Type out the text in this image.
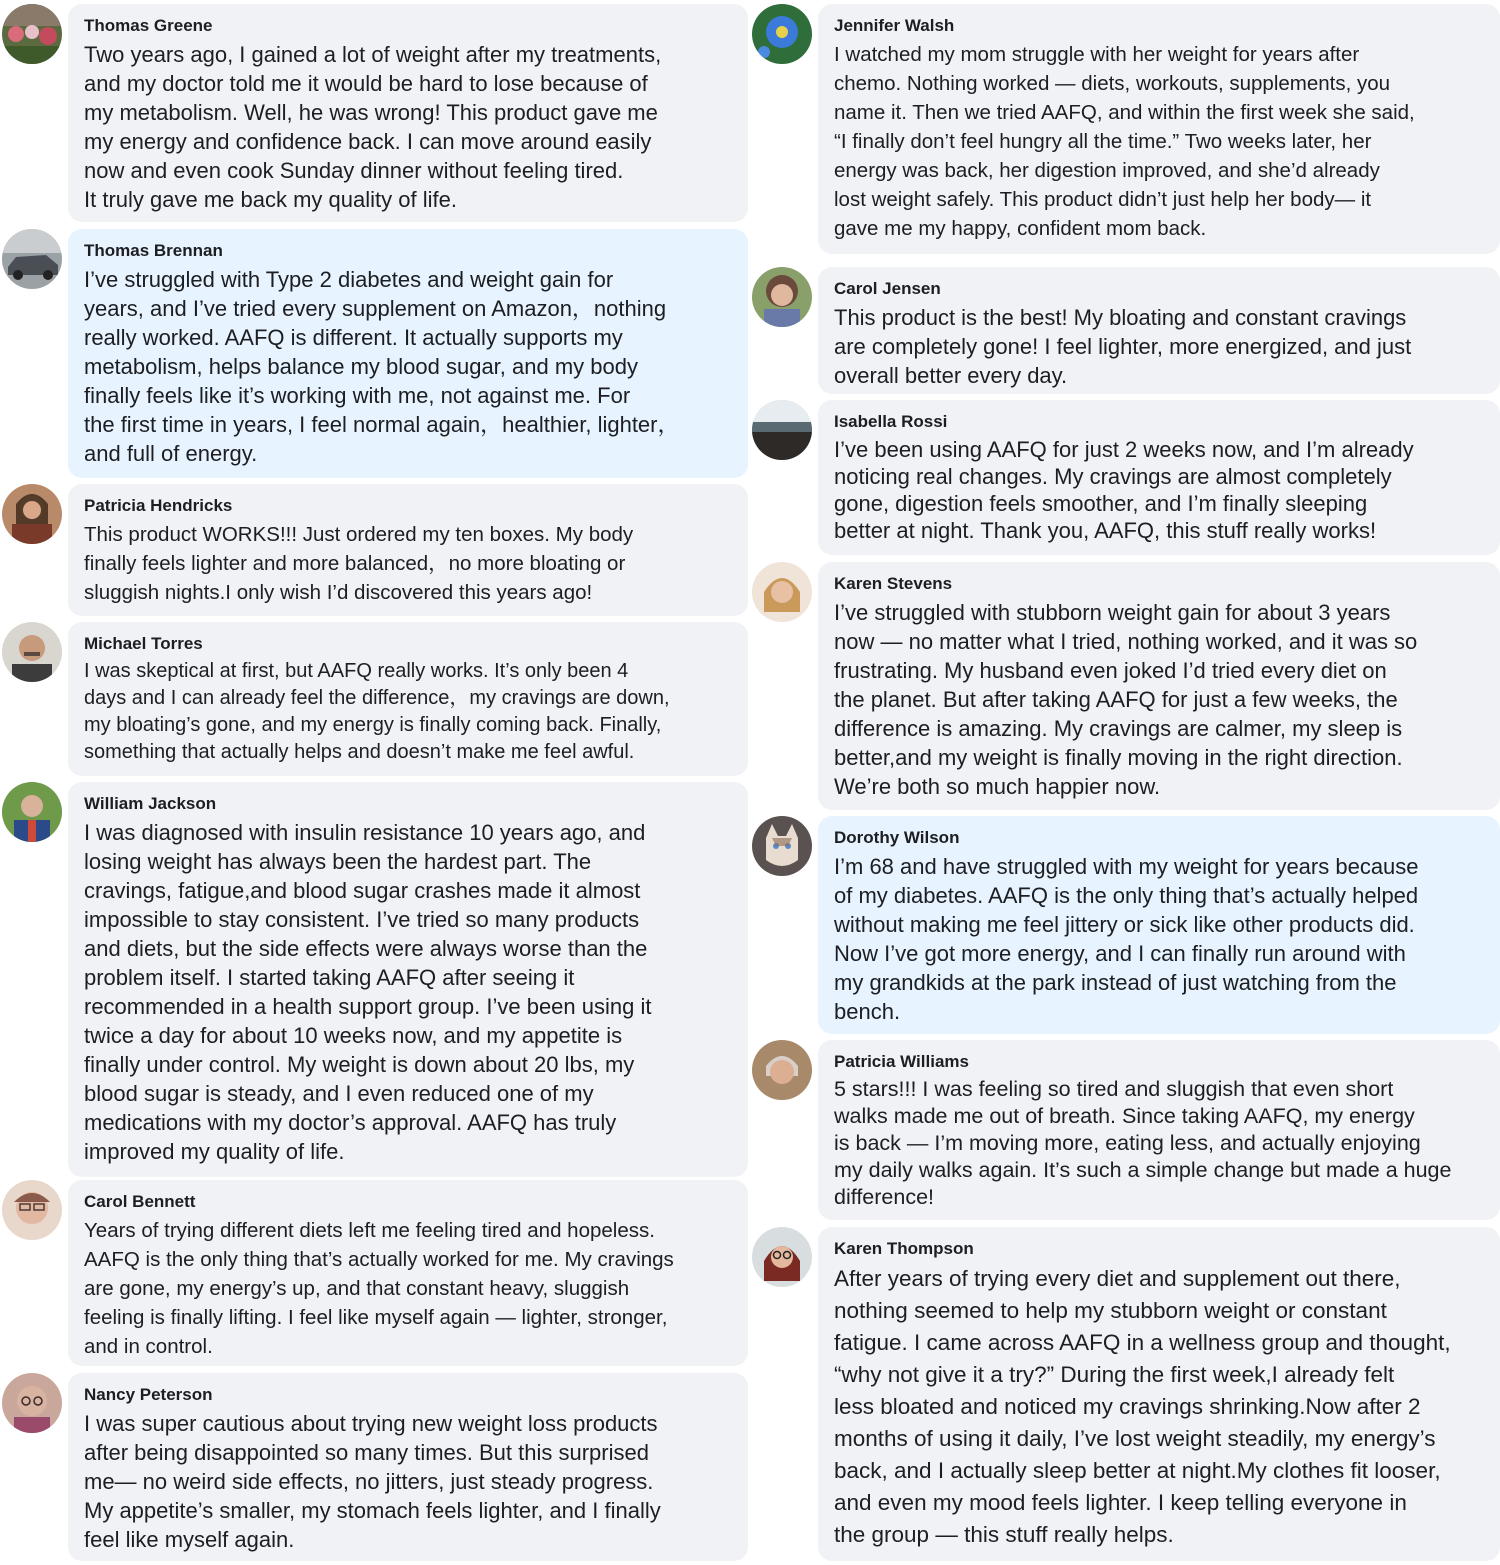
Thomas Greene

Two years ago, I gained a lot of weight after my treatments,
and my doctor told me it would be hard to lose because of
my metabolism. Well, he was wrong! This product gave me
my energy and confidence back. I can move around easily
now and even cook Sunday dinner without feeling tired.
It truly gave me back my quality of life.

Thomas Brennan

I’ve struggled with Type 2 diabetes and weight gain for
years, and I’ve tried every supplement on Amazon，nothing
really worked. AAFQ is different. It actually supports my
metabolism, helps balance my blood sugar, and my body
finally feels like it’s working with me, not against me. For
the first time in years, I feel normal again，healthier, lighter，
and full of energy.

Patricia Hendricks

This product WORKS!!! Just ordered my ten boxes. My body
finally feels lighter and more balanced，no more bloating or
sluggish nights.I only wish I’d discovered this years ago!

Michael Torres

I was skeptical at first, but AAFQ really works. It’s only been 4
days and I can already feel the difference，my cravings are down,
my bloating’s gone, and my energy is finally coming back. Finally,
something that actually helps and doesn’t make me feel awful.

William Jackson

I was diagnosed with insulin resistance 10 years ago, and
losing weight has always been the hardest part. The
cravings, fatigue,and blood sugar crashes made it almost
impossible to stay consistent. I’ve tried so many products
and diets, but the side effects were always worse than the
problem itself. I started taking AAFQ after seeing it
recommended in a health support group. I’ve been using it
twice a day for about 10 weeks now, and my appetite is
finally under control. My weight is down about 20 lbs, my
blood sugar is steady, and I even reduced one of my
medications with my doctor’s approval. AAFQ has truly
improved my quality of life.

Carol Bennett

Years of trying different diets left me feeling tired and hopeless.
AAFQ is the only thing that’s actually worked for me. My cravings
are gone, my energy’s up, and that constant heavy, sluggish
feeling is finally lifting. I feel like myself again — lighter, stronger,
and in control.

Nancy Peterson

I was super cautious about trying new weight loss products
after being disappointed so many times. But this surprised
me— no weird side effects, no jitters, just steady progress.
My appetite’s smaller, my stomach feels lighter, and I finally
feel like myself again.

Jennifer Walsh

I watched my mom struggle with her weight for years after
chemo. Nothing worked — diets, workouts, supplements, you
name it. Then we tried AAFQ, and within the first week she said,
“I finally don’t feel hungry all the time.” Two weeks later, her
energy was back, her digestion improved, and she’d already
lost weight safely. This product didn’t just help her body— it
gave me my happy, confident mom back.

Carol Jensen

This product is the best! My bloating and constant cravings
are completely gone! I feel lighter, more energized, and just
overall better every day.

Isabella Rossi

I’ve been using AAFQ for just 2 weeks now, and I’m already
noticing real changes. My cravings are almost completely
gone, digestion feels smoother, and I’m finally sleeping
better at night. Thank you, AAFQ, this stuff really works!

Karen Stevens

I’ve struggled with stubborn weight gain for about 3 years
now — no matter what I tried, nothing worked, and it was so
frustrating. My husband even joked I’d tried every diet on
the planet. But after taking AAFQ for just a few weeks, the
difference is amazing. My cravings are calmer, my sleep is
better,and my weight is finally moving in the right direction.
We’re both so much happier now.

Dorothy Wilson

I’m 68 and have struggled with my weight for years because
of my diabetes. AAFQ is the only thing that’s actually helped
without making me feel jittery or sick like other products did.
Now I’ve got more energy, and I can finally run around with
my grandkids at the park instead of just watching from the
bench.

Patricia Williams

5 stars!!! I was feeling so tired and sluggish that even short
walks made me out of breath. Since taking AAFQ, my energy
is back — I’m moving more, eating less, and actually enjoying
my daily walks again. It’s such a simple change but made a huge
difference!

Karen Thompson

After years of trying every diet and supplement out there,
nothing seemed to help my stubborn weight or constant
fatigue. I came across AAFQ in a wellness group and thought,
“why not give it a try?” During the first week,I already felt
less bloated and noticed my cravings shrinking.Now after 2
months of using it daily, I’ve lost weight steadily, my energy’s
back, and I actually sleep better at night.My clothes fit looser,
and even my mood feels lighter. I keep telling everyone in
the group — this stuff really helps.
